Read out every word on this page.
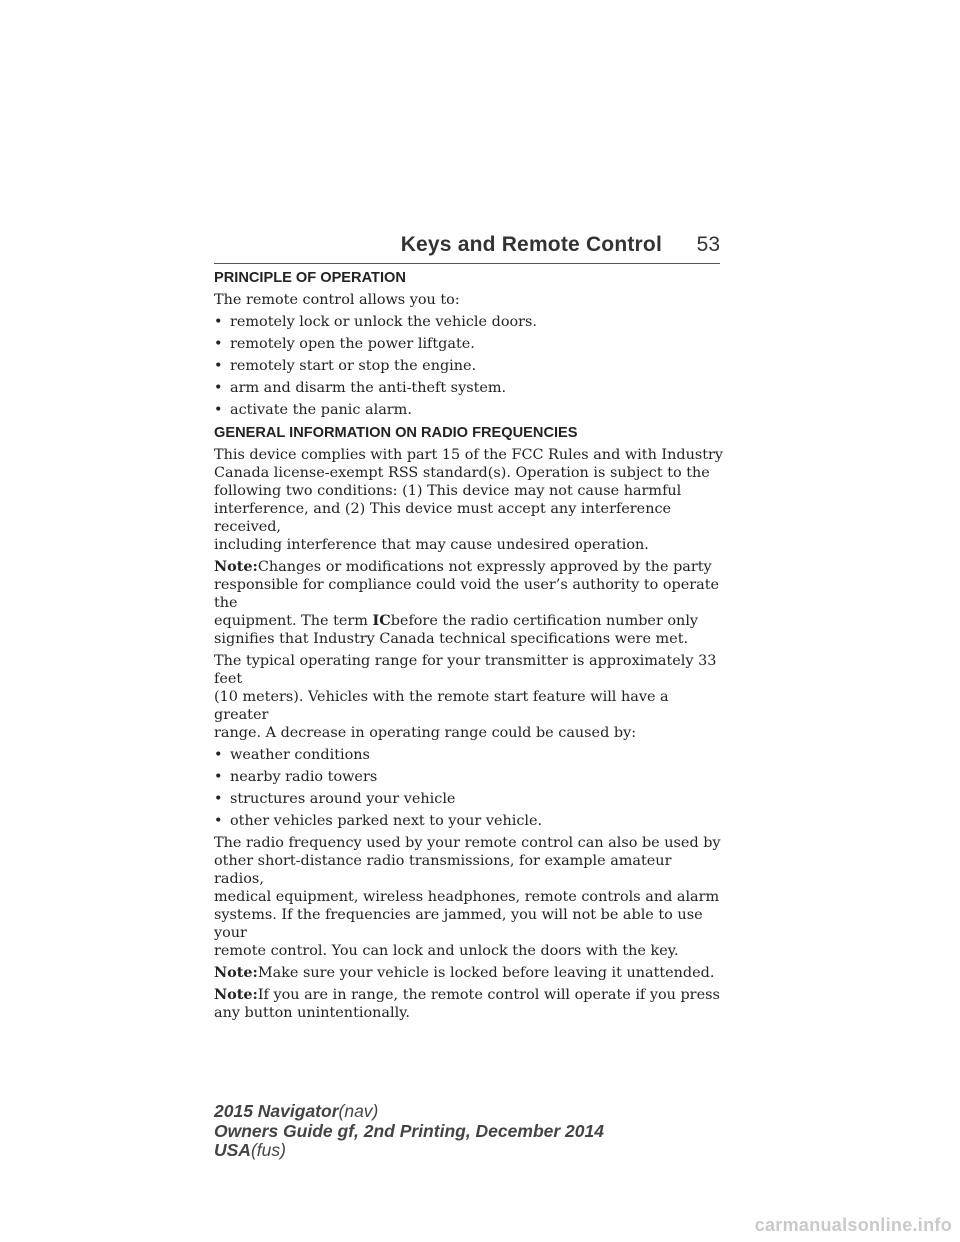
Keys and Remote Control 53
PRINCIPLE OF OPERATION

The remote control allows you to:

• remotely lock or unlock the vehicle doors.
• remotely open the power liftgate.
• remotely start or stop the engine.
• arm and disarm the anti-theft system.
• activate the panic alarm.
GENERAL INFORMATION ON RADIO FREQUENCIES

This device complies with part 15 of the FCC Rules and with Industry
Canada license-exempt RSS standard(s). Operation is subject to the
following two conditions: (1) This device may not cause harmful
interference, and (2) This device must accept any interference received,
including interference that may cause undesired operation.

Note:Changes or modifications not expressly approved by the party
responsible for compliance could void the user’s authority to operate the
equipment. The term ICbefore the radio certification number only
signifies that Industry Canada technical specifications were met.

The typical operating range for your transmitter is approximately 33 feet
(10 meters). Vehicles with the remote start feature will have a greater
range. A decrease in operating range could be caused by:

• weather conditions
• nearby radio towers
• structures around your vehicle
• other vehicles parked next to your vehicle.

The radio frequency used by your remote control can also be used by
other short-distance radio transmissions, for example amateur radios,
medical equipment, wireless headphones, remote controls and alarm
systems. If the frequencies are jammed, you will not be able to use your
remote control. You can lock and unlock the doors with the key.

Note:Make sure your vehicle is locked before leaving it unattended.

Note:If you are in range, the remote control will operate if you press
any button unintentionally.

2015 Navigator(nav)
Owners Guide gf, 2nd Printing, December 2014
USA(fus)
carmanualsonline.info
